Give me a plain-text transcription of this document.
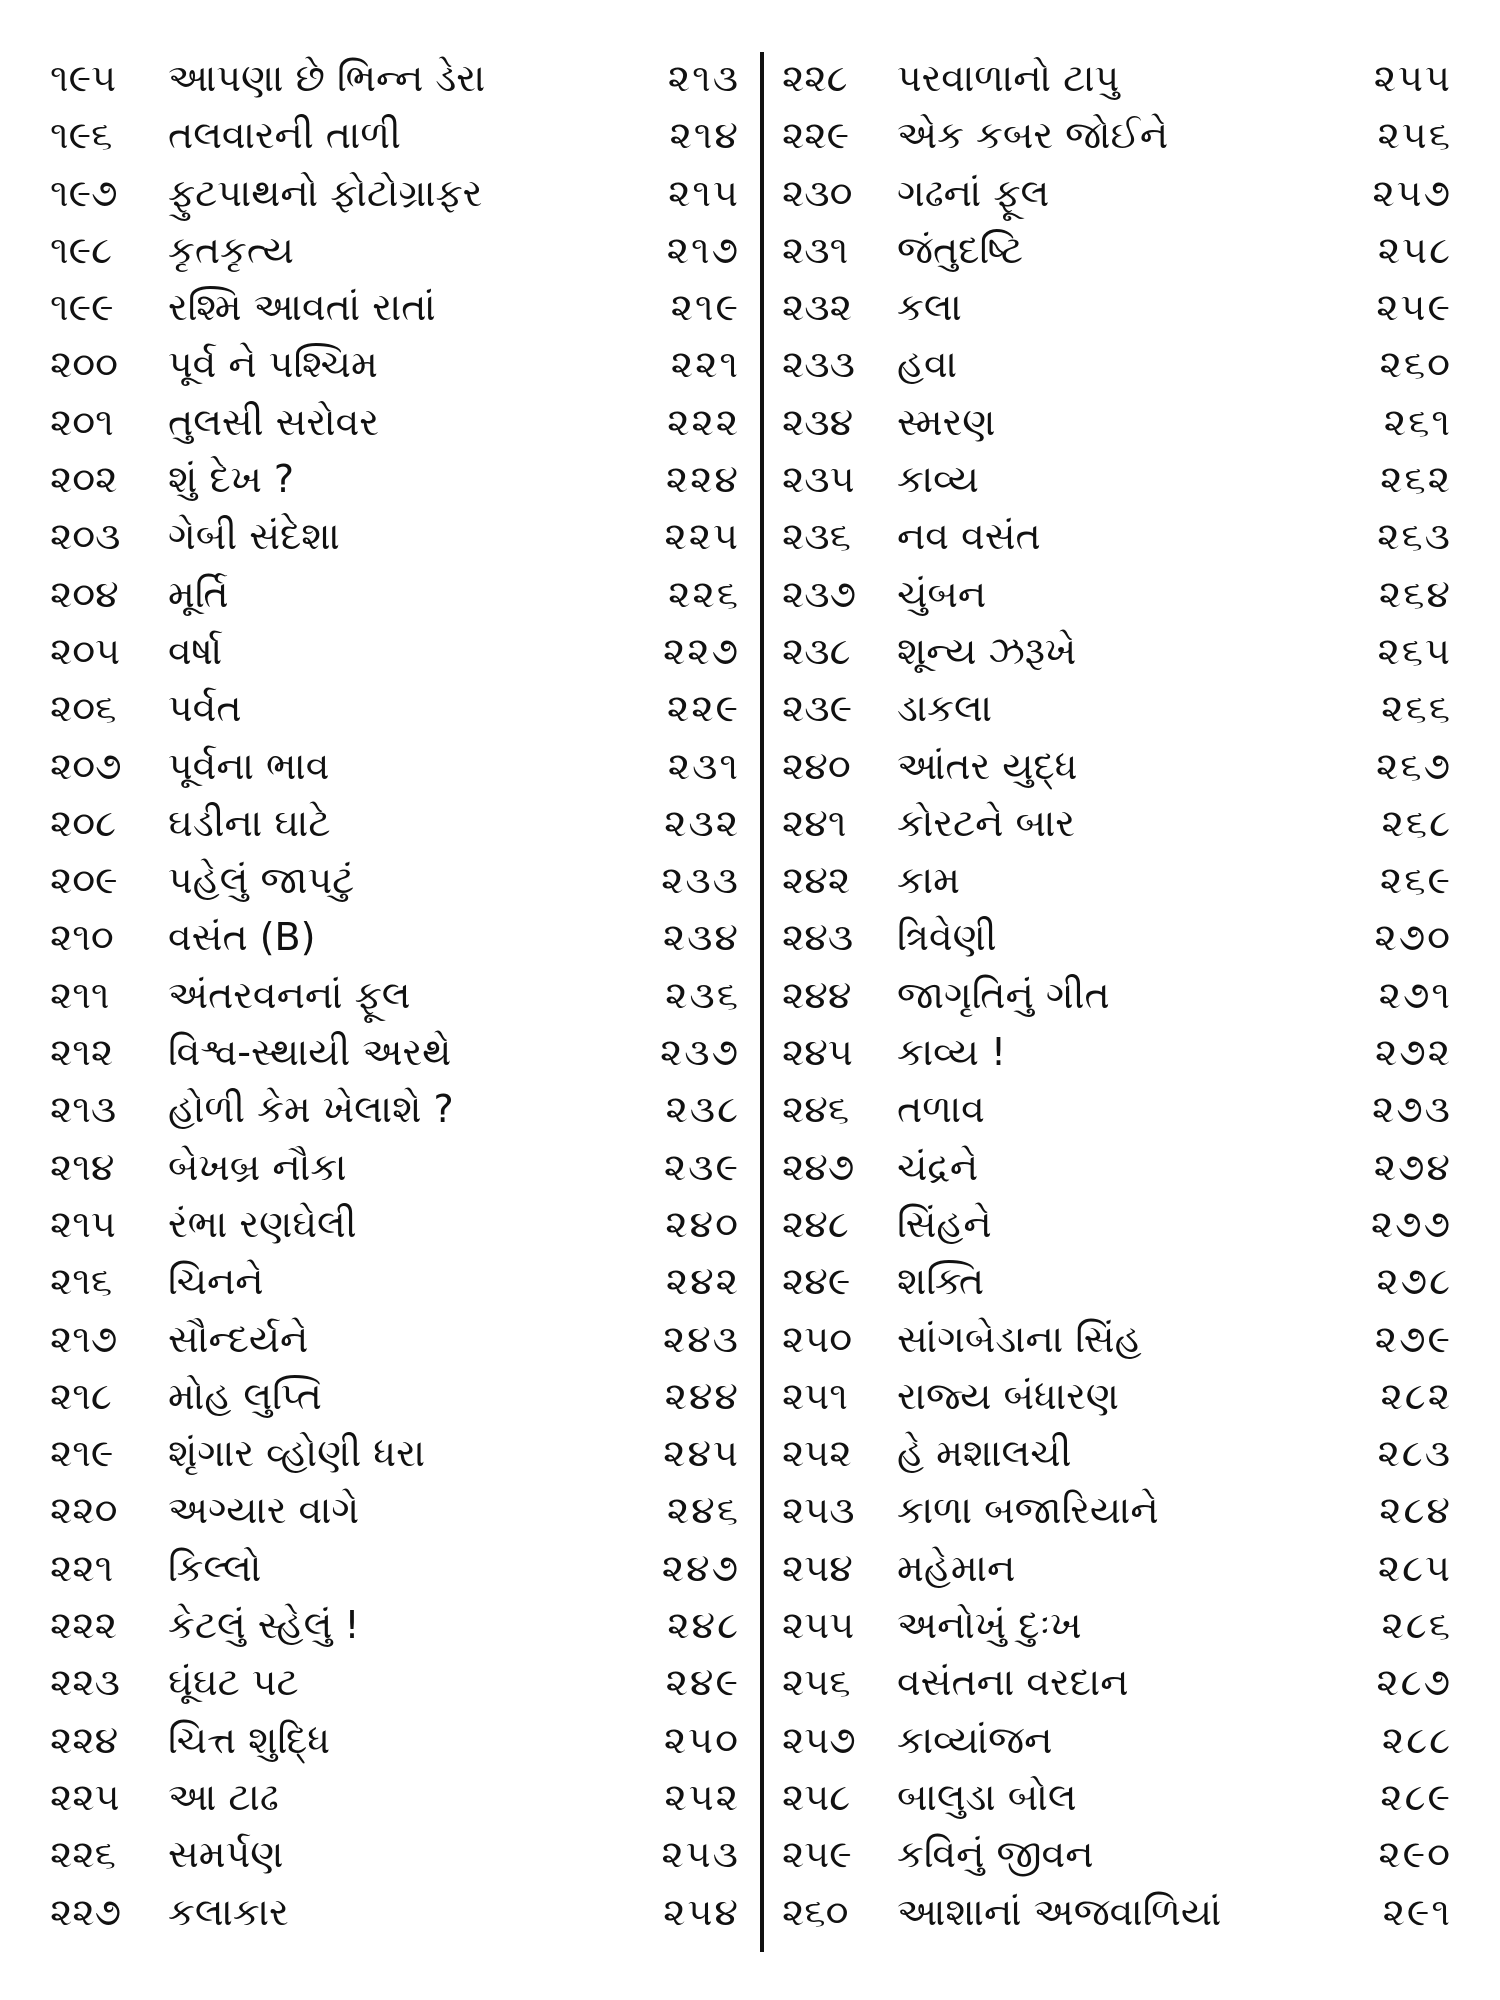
૧૯૫ આપણા છે ભિન્ન ડેરા	૨૧૩
૧૯૬ તલવારની તાળી	૨૧૪
૧૯૭ ફુટપાથનો ફોટોગ્રાફર	૨૧૫
૧૯૮ કૃતકૃત્ય	૨૧૭
૧૯૯ રશ્મિ આવતાં રાતાં	૨૧૯
૨૦૦ પૂર્વ ને પશ્ચિમ	૨૨૧
૨૦૧ તુલસી સરોવર	૨૨૨
૨૦૨ શું દેખ ?	૨૨૪
૨૦૩ ગેબી સંદેશા	૨૨૫
૨૦૪ મૂર્તિ	૨૨૬
૨૦૫ વર્ષા	૨૨૭
૨૦૬ પર્વત	૨૨૯
૨૦૭ પૂર્વના ભાવ	૨૩૧
૨૦૮ ઘડીના ઘાટે	૨૩૨
૨૦૯ પહેલું જાપટું	૨૩૩
૨૧૦ વસંત (B)	૨૩૪
૨૧૧ અંતરવનનાં ફૂલ	૨૩૬
૨૧૨ વિશ્વ-સ્થાયી અરથે	૨૩૭
૨૧૩ હોળી કેમ ખેલાશે ?	૨૩૮
૨૧૪ બેખબ્ર નૌકા	૨૩૯
૨૧૫ રંભા રણઘેલી	૨૪૦
૨૧૬ ચિનને	૨૪૨
૨૧૭ સૌન્દર્યને	૨૪૩
૨૧૮ મોહ લુપ્તિ	૨૪૪
૨૧૯ શૃંગાર વ્હોણી ધરા	૨૪૫
૨૨૦ અગ્યાર વાગે	૨૪૬
૨૨૧ કિલ્લો	૨૪૭
૨૨૨ કેટલું સ્હેલું !	૨૪૮
૨૨૩ ઘૂંઘટ પટ	૨૪૯
૨૨૪ ચિત્ત શુદ્ધિ	૨૫૦
૨૨૫ આ ટાઢ	૨૫૨
૨૨૬ સમર્પણ	૨૫૩
૨૨૭ કલાકાર	૨૫૪
૨૨૮ પરવાળાનો ટાપુ	૨૫૫
૨૨૯ એક કબર જોઈને	૨૫૬
૨૩૦ ગઢનાં ફૂલ	૨૫૭
૨૩૧ જંતુદષ્ટિ	૨૫૮
૨૩૨ કલા	૨૫૯
૨૩૩ હવા	૨૬૦
૨૩૪ સ્મરણ	૨૬૧
૨૩૫ કાવ્ય	૨૬૨
૨૩૬ નવ વસંત	૨૬૩
૨૩૭ ચુંબન	૨૬૪
૨૩૮ શૂન્ય ઝરૂખે	૨૬૫
૨૩૯ ડાકલા	૨૬૬
૨૪૦ આંતર યુદ્ધ	૨૬૭
૨૪૧ કોરટને બાર	૨૬૮
૨૪૨ કામ	૨૬૯
૨૪૩ ત્રિવેણી	૨૭૦
૨૪૪ જાગૃતિનું ગીત	૨૭૧
૨૪૫ કાવ્ય !	૨૭૨
૨૪૬ તળાવ	૨૭૩
૨૪૭ ચંદ્રને	૨૭૪
૨૪૮ સિંહને	૨૭૭
૨૪૯ શક્તિ	૨૭૮
૨૫૦ સાંગબેડાના સિંહ	૨૭૯
૨૫૧ રાજ્ય બંધારણ	૨૮૨
૨૫૨ હે મશાલચી	૨૮૩
૨૫૩ કાળા બજારિયાને	૨૮૪
૨૫૪ મહેમાન	૨૮૫
૨૫૫ અનોખું દુઃખ	૨૮૬
૨૫૬ વસંતના વરદાન	૨૮૭
૨૫૭ કાવ્યાંજન	૨૮૮
૨૫૮ બાલુડા બોલ	૨૮૯
૨૫૯ કવિનું જીવન	૨૯૦
૨૬૦ આશાનાં અજવાળિયાં	૨૯૧
